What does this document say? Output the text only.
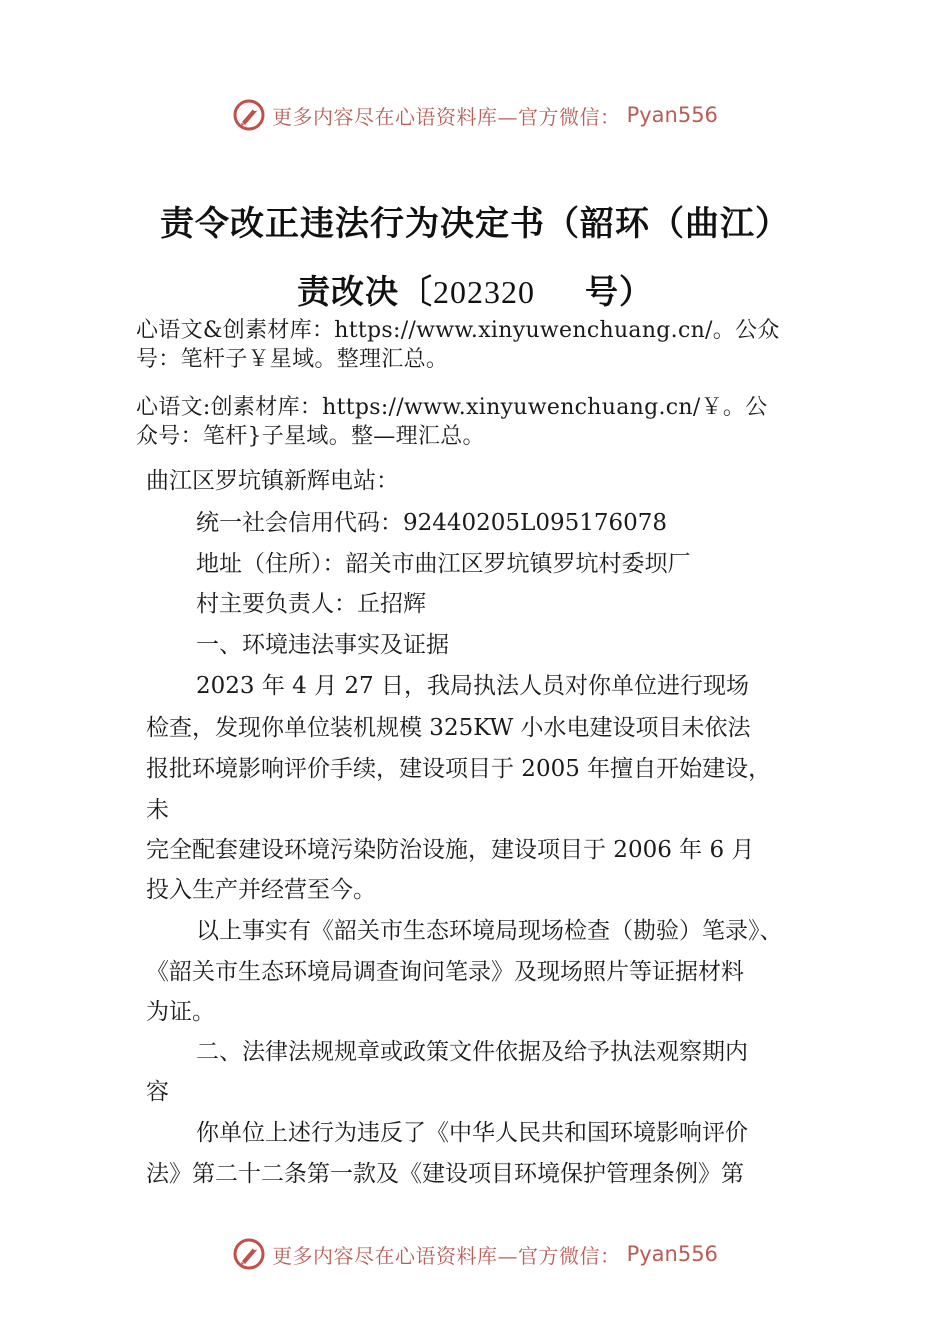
更多内容尽在心语资料库—官方微信： Pyan556
责令改正违法行为决定书（韶环（曲江）
责改决〔202320 号）
心语文&创素材库：https://www.xinyuwenchuang.cn/。公众
号：笔杆子￥星域。整理汇总。
心语文:创素材库：https://www.xinyuwenchuang.cn/￥。公
众号：笔杆}子星域。整—理汇总。
曲江区罗坑镇新辉电站：
统一社会信用代码：92440205L095176078
地址（住所）：韶关市曲江区罗坑镇罗坑村委坝厂
村主要负责人：丘招辉
一、环境违法事实及证据
2023 年 4 月 27 日，我局执法人员对你单位进行现场
检查，发现你单位装机规模 325KW 小水电建设项目未依法
报批环境影响评价手续，建设项目于 2005 年擅自开始建设，
未
完全配套建设环境污染防治设施，建设项目于 2006 年 6 月
投入生产并经营至今。
以上事实有《韶关市生态环境局现场检查（勘验）笔录》、
《韶关市生态环境局调查询问笔录》及现场照片等证据材料
为证。
二、法律法规规章或政策文件依据及给予执法观察期内
容
你单位上述行为违反了《中华人民共和国环境影响评价
法》第二十二条第一款及《建设项目环境保护管理条例》第
更多内容尽在心语资料库—官方微信： Pyan556
